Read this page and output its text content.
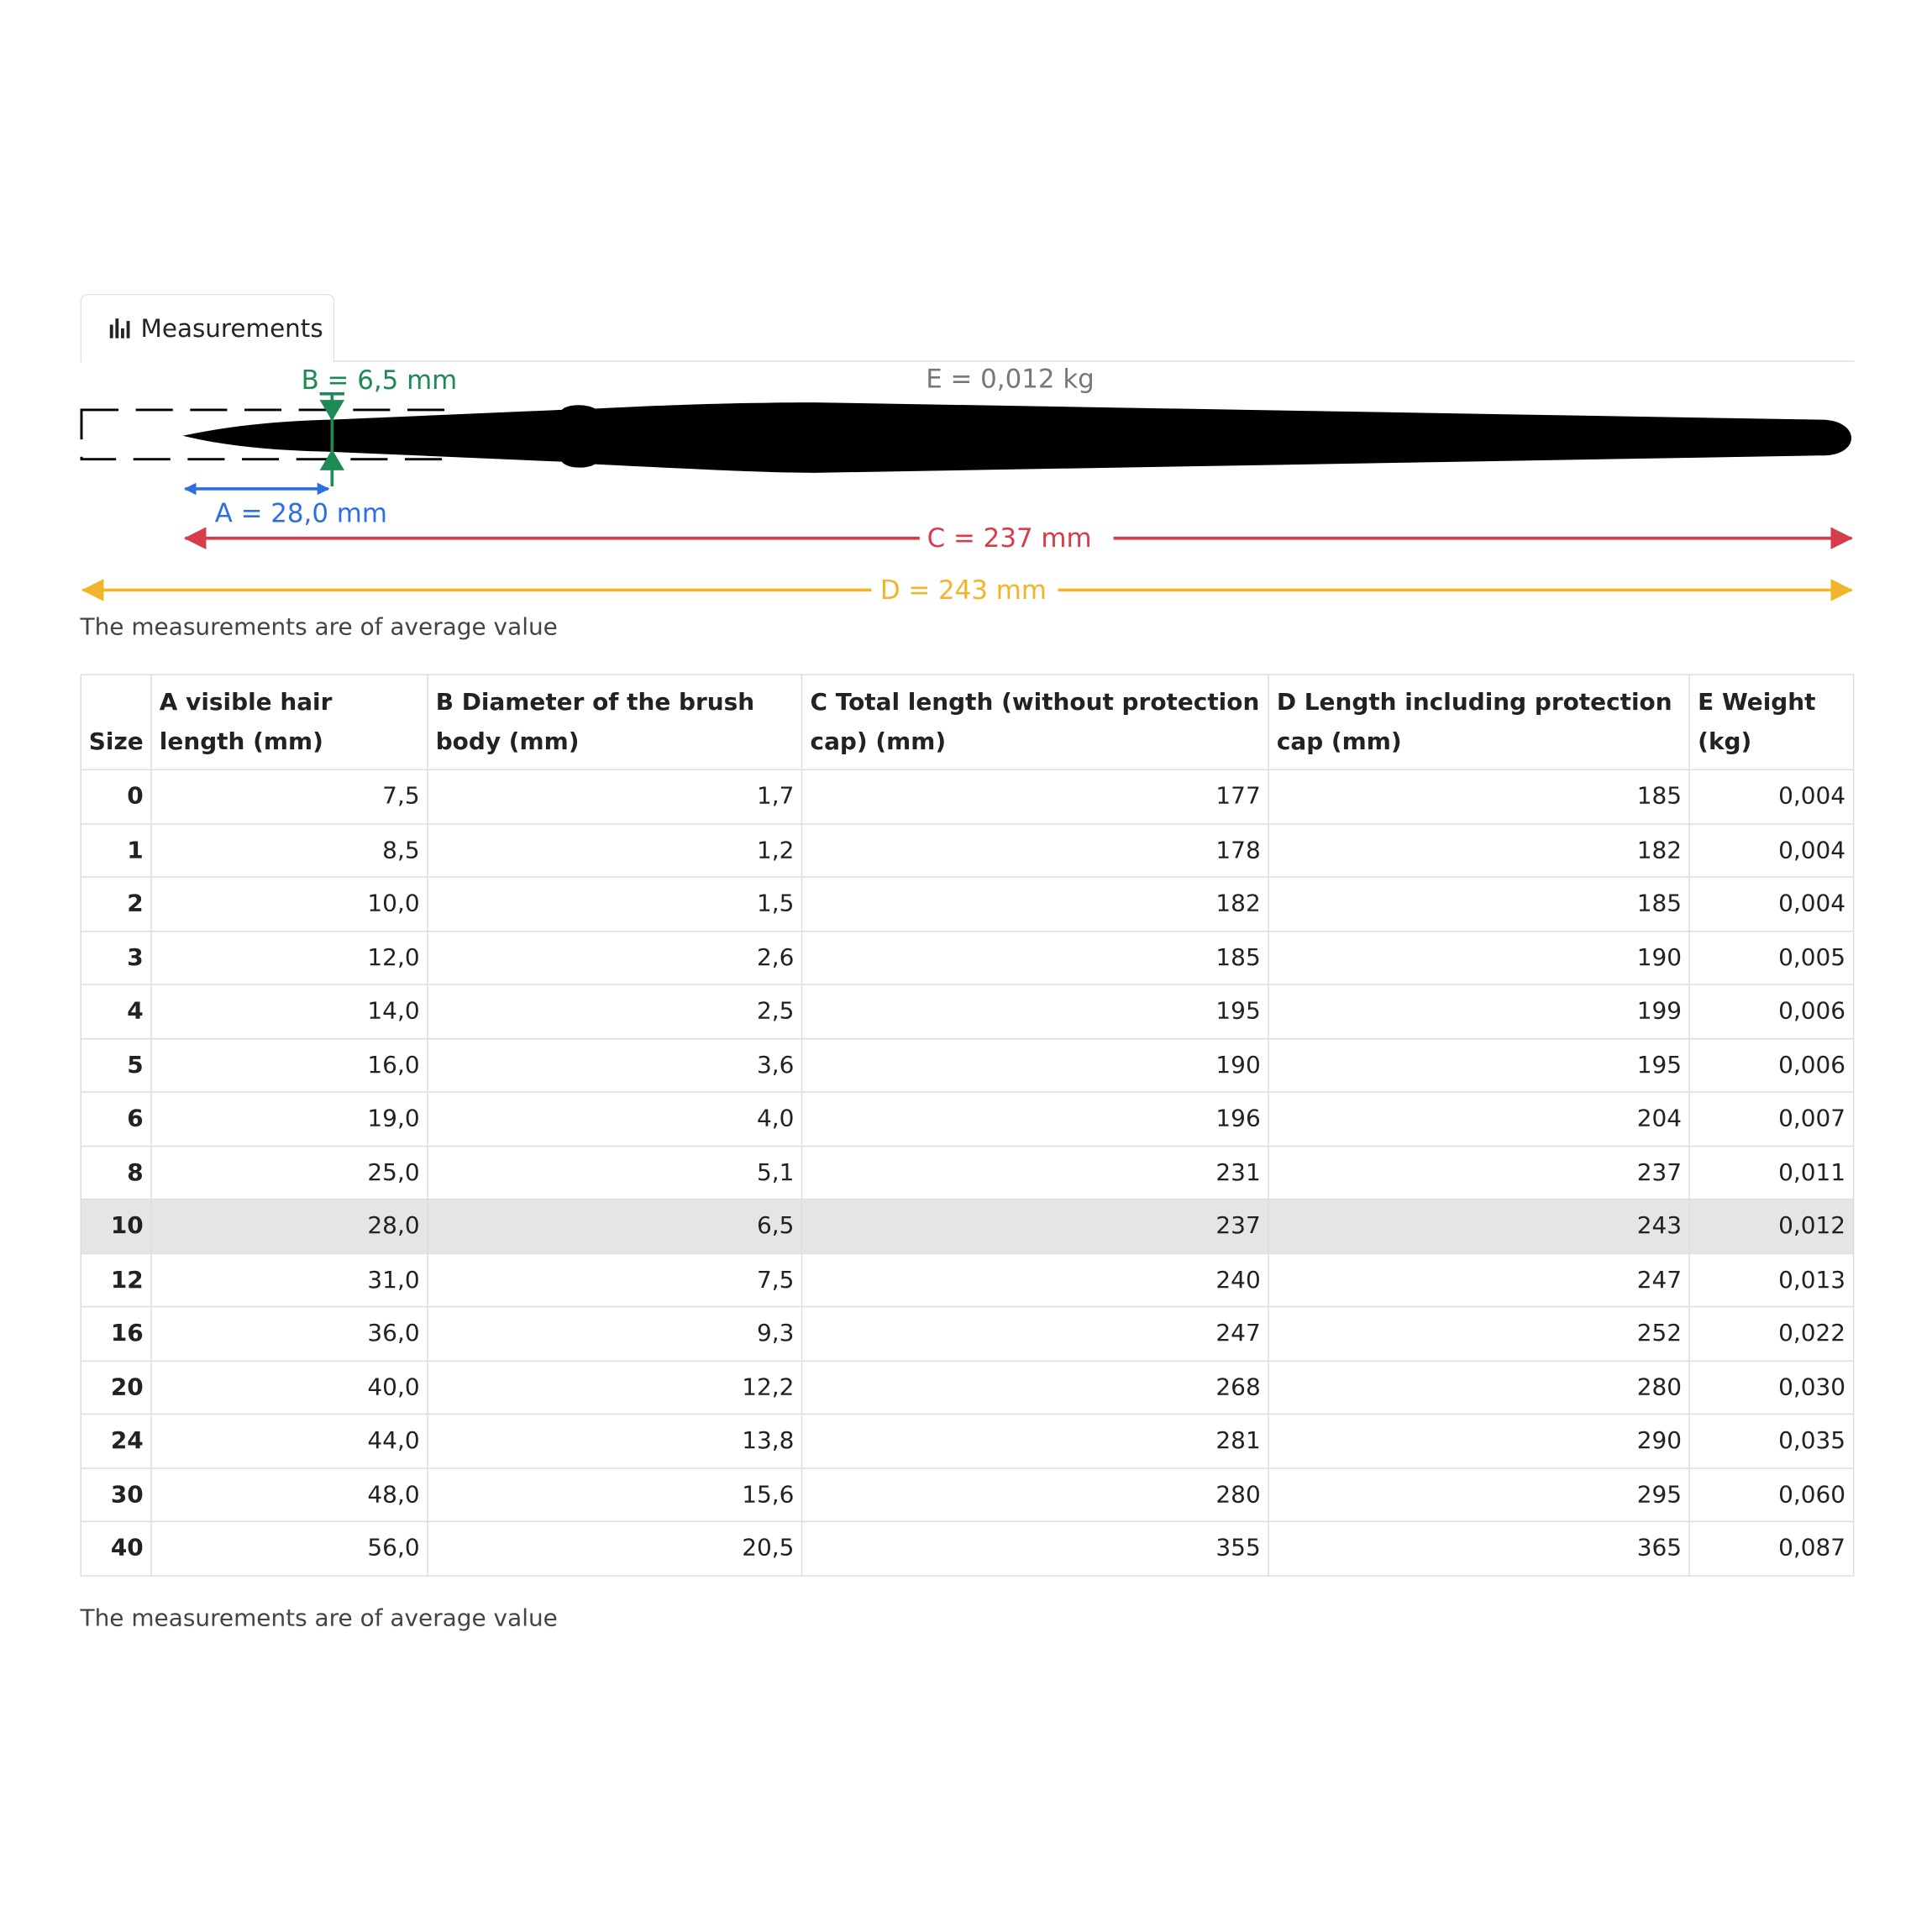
Measurements
B = 6,5 mm	E = 0,012 kg
A = 28,0 mm
C = 237 mm
D = 243 mm
The measurements are of average value
Size	A visible hair length (mm)	B Diameter of the brush body (mm)	C Total length (without protection cap) (mm)	D Length including protection cap (mm)	E Weight (kg)
0	7,5	1,7	177	185	0,004
1	8,5	1,2	178	182	0,004
2	10,0	1,5	182	185	0,004
3	12,0	2,6	185	190	0,005
4	14,0	2,5	195	199	0,006
5	16,0	3,6	190	195	0,006
6	19,0	4,0	196	204	0,007
8	25,0	5,1	231	237	0,011
10	28,0	6,5	237	243	0,012
12	31,0	7,5	240	247	0,013
16	36,0	9,3	247	252	0,022
20	40,0	12,2	268	280	0,030
24	44,0	13,8	281	290	0,035
30	48,0	15,6	280	295	0,060
40	56,0	20,5	355	365	0,087
The measurements are of average value
